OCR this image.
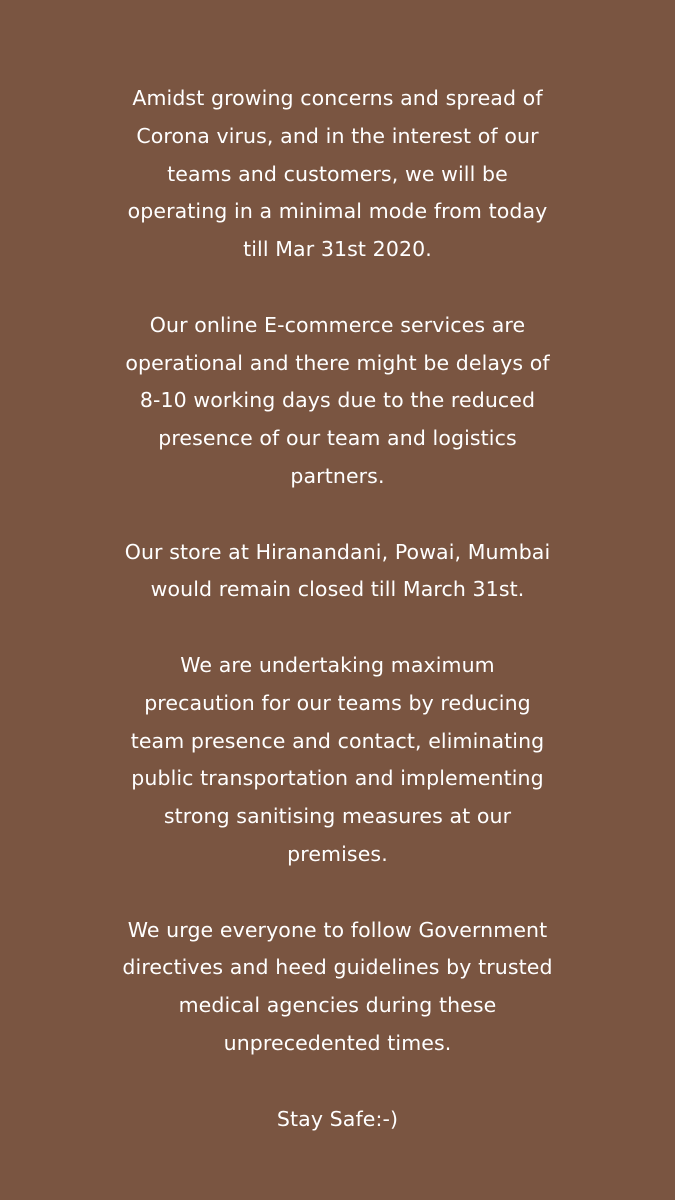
Amidst growing concerns and spread of
Corona virus, and in the interest of our
teams and customers, we will be
operating in a minimal mode from today
till Mar 31st 2020.
Our online E-commerce services are
operational and there might be delays of
8-10 working days due to the reduced
presence of our team and logistics
partners.
Our store at Hiranandani, Powai, Mumbai
would remain closed till March 31st.
We are undertaking maximum
precaution for our teams by reducing
team presence and contact, eliminating
public transportation and implementing
strong sanitising measures at our
premises.
We urge everyone to follow Government
directives and heed guidelines by trusted
medical agencies during these
unprecedented times.
Stay Safe:-)
